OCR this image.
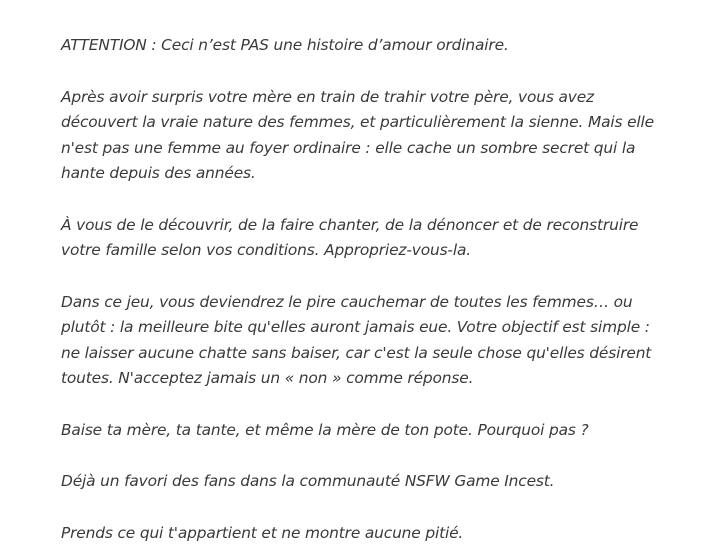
ATTENTION : Ceci n’est PAS une histoire d’amour ordinaire.

Après avoir surpris votre mère en train de trahir votre père, vous avez découvert la vraie nature des femmes, et particulièrement la sienne. Mais elle n'est pas une femme au foyer ordinaire : elle cache un sombre secret qui la hante depuis des années.

À vous de le découvrir, de la faire chanter, de la dénoncer et de reconstruire votre famille selon vos conditions. Appropriez-vous-la.

Dans ce jeu, vous deviendrez le pire cauchemar de toutes les femmes… ou plutôt : la meilleure bite qu'elles auront jamais eue. Votre objectif est simple : ne laisser aucune chatte sans baiser, car c'est la seule chose qu'elles désirent toutes. N'acceptez jamais un « non » comme réponse.

Baise ta mère, ta tante, et même la mère de ton pote. Pourquoi pas ?

Déjà un favori des fans dans la communauté NSFW Game Incest.

Prends ce qui t'appartient et ne montre aucune pitié.
